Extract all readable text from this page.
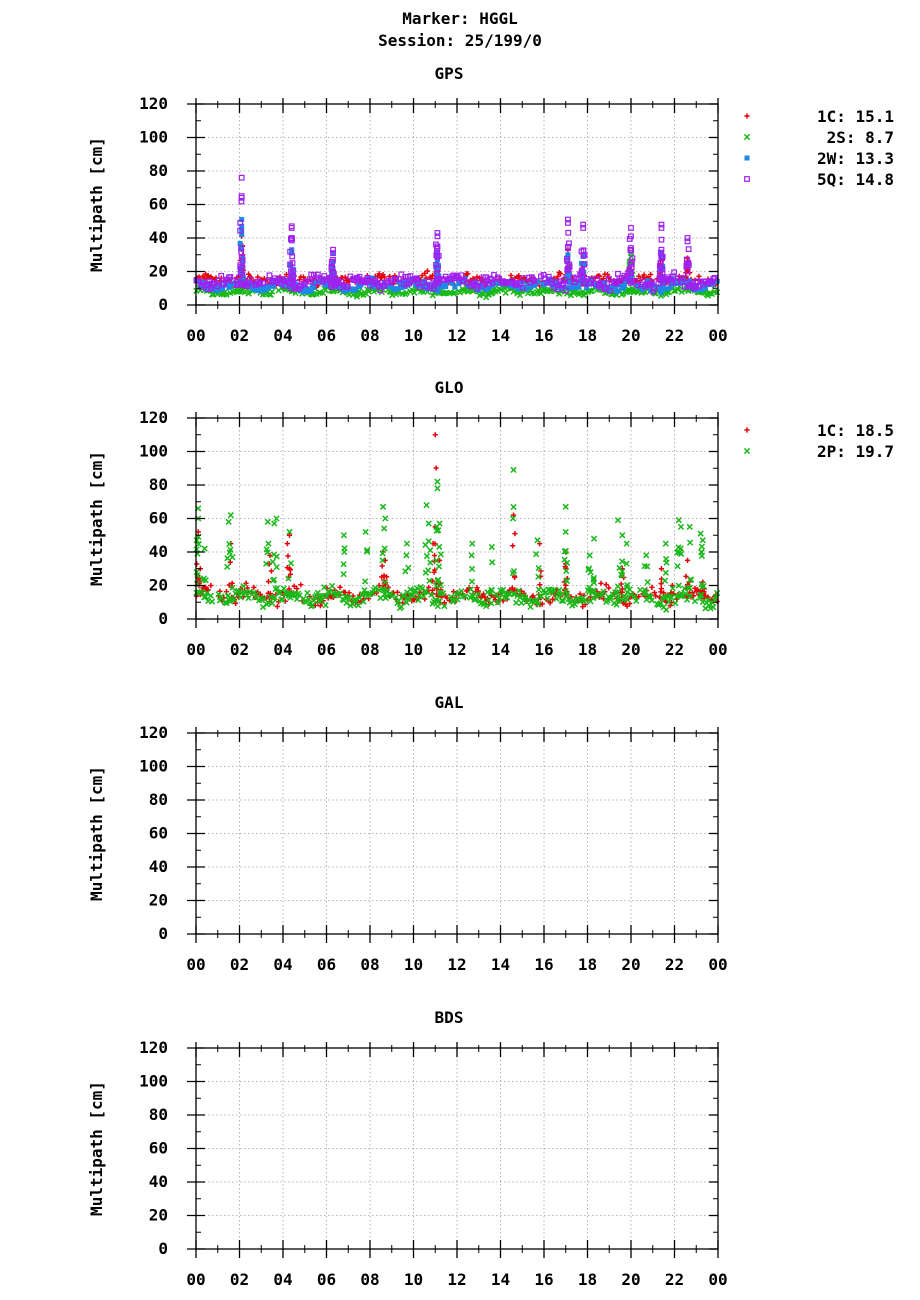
Marker: HGGL
Session: 25/199/0
GPS
0
20
40
60
80
100
120
00 02 04 06 08 10 12 14 16 18 20 22 00
Multipath [cm]
1C: 15.1
2S: 8.7
2W: 13.3
5Q: 14.8
GLO
0
20
40
60
80
100
120
00 02 04 06 08 10 12 14 16 18 20 22 00
Multipath [cm]
1C: 18.5
2P: 19.7
GAL
0
20
40
60
80
100
120
00 02 04 06 08 10 12 14 16 18 20 22 00
Multipath [cm]
BDS
0
20
40
60
80
100
120
00 02 04 06 08 10 12 14 16 18 20 22 00
Multipath [cm]
